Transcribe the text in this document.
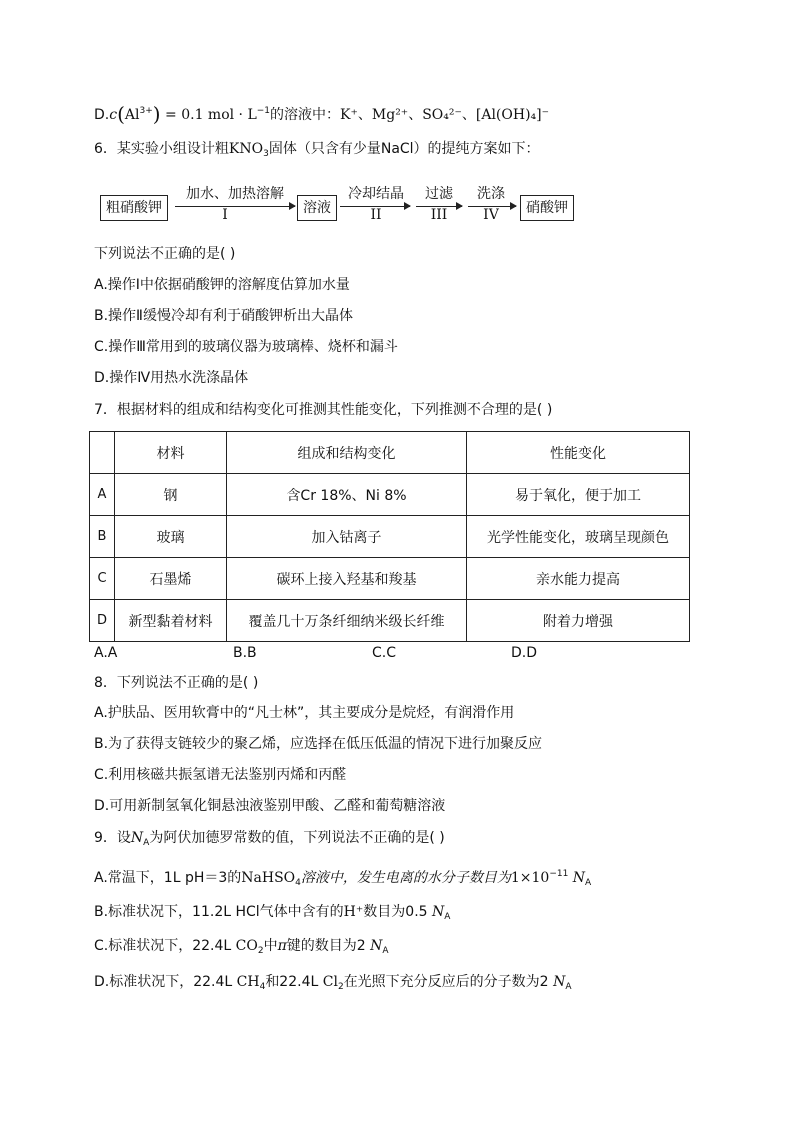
$D.c(Al^{3+}) = 0.1$ mol · $L^{-1}$的溶液中：K⁺、Mg²⁺、SO₄²⁻、[Al(OH)₄]⁻
6．某实验小组设计粗$KNO_3$固体（只含有少量NaCl）的提纯方案如下：
粗硝酸钾
加水、加热溶解
I	溶液
冷却结晶
II
过滤
III
洗涤
IV	硝酸钾
下列说法不正确的是( )
A.操作Ⅰ中依据硝酸钾的溶解度估算加水量
B.操作Ⅱ缓慢冷却有利于硝酸钾析出大晶体
C.操作Ⅲ常用到的玻璃仪器为玻璃棒、烧杯和漏斗
D.操作Ⅳ用热水洗涤晶体
7．根据材料的组成和结构变化可推测其性能变化，下列推测不合理的是( )
	材料	组成和结构变化	性能变化
A	钢	含Cr 18%、Ni 8%	易于氧化，便于加工
B	玻璃	加入钴离子	光学性能变化，玻璃呈现颜色
C	石墨烯	碳环上接入羟基和羧基	亲水能力提高
D	新型黏着材料	覆盖几十万条纤细纳米级长纤维	附着力增强
A.A	B.B	C.C	D.D
8．下列说法不正确的是( )
A.护肤品、医用软膏中的“凡士林”，其主要成分是烷烃，有润滑作用
B.为了获得支链较少的聚乙烯，应选择在低压低温的情况下进行加聚反应
C.利用核磁共振氢谱无法鉴别丙烯和丙醛
D.可用新制氢氧化铜悬浊液鉴别甲酸、乙醛和葡萄糖溶液
9．设$N_A$为阿伏加德罗常数的值，下列说法不正确的是( )
A.常温下，1L pH＝3的NaHSO$_4$溶液中，发生电离的水分子数目为$1\times 10^{-11}$ $N_A$
B.标准状况下，11.2L HCl气体中含有的H⁺数目为0.5 $N_A$
C.标准状况下，22.4L $CO_2$中π键的数目为2 $N_A$
D.标准状况下，22.4L $CH_4$和22.4L $Cl_2$在光照下充分反应后的分子数为2 $N_A$
